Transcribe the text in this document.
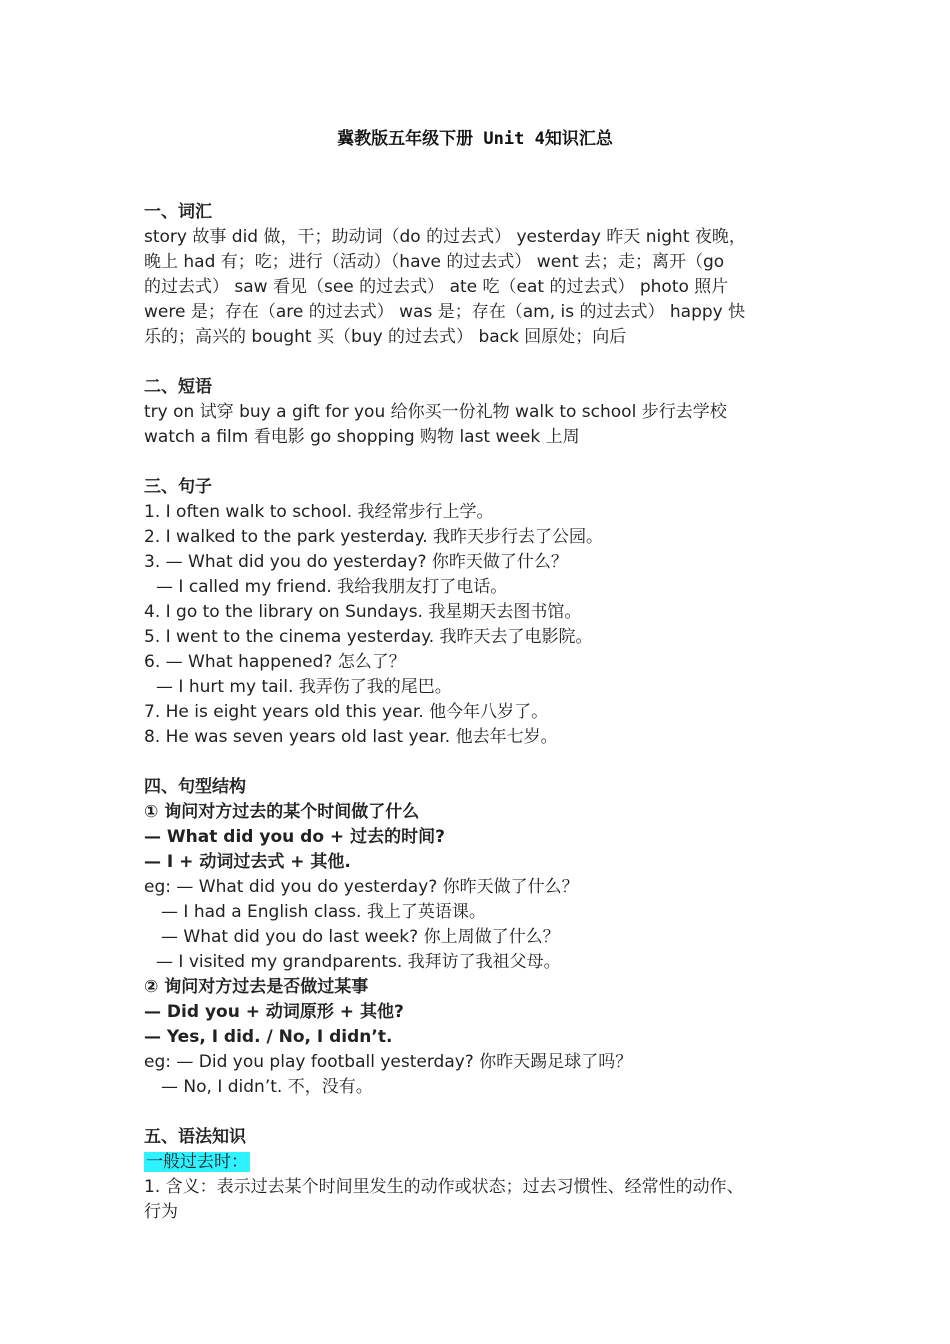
冀教版五年级下册 Unit 4知识汇总
一、词汇
story 故事 did 做，干；助动词（do 的过去式） yesterday 昨天 night 夜晚，
晚上 had 有；吃；进行（活动）（have 的过去式） went 去；走；离开（go
的过去式） saw 看见（see 的过去式） ate 吃（eat 的过去式） photo 照片
were 是；存在（are 的过去式） was 是；存在（am, is 的过去式） happy 快
乐的；高兴的 bought 买（buy 的过去式） back 回原处；向后
二、短语
try on 试穿 buy a gift for you 给你买一份礼物 walk to school 步行去学校
watch a film 看电影 go shopping 购物 last week 上周
三、句子
1. I often walk to school. 我经常步行上学。
2. I walked to the park yesterday. 我昨天步行去了公园。
3. — What did you do yesterday? 你昨天做了什么？
— I called my friend. 我给我朋友打了电话。
4. I go to the library on Sundays. 我星期天去图书馆。
5. I went to the cinema yesterday. 我昨天去了电影院。
6. — What happened? 怎么了？
— I hurt my tail. 我弄伤了我的尾巴。
7. He is eight years old this year. 他今年八岁了。
8. He was seven years old last year. 他去年七岁。
四、句型结构
① 询问对方过去的某个时间做了什么
— What did you do + 过去的时间?
— I + 动词过去式 + 其他.
eg: — What did you do yesterday? 你昨天做了什么？
— I had a English class. 我上了英语课。
— What did you do last week? 你上周做了什么？
— I visited my grandparents. 我拜访了我祖父母。
② 询问对方过去是否做过某事
— Did you + 动词原形 + 其他?
— Yes, I did. / No, I didn’t.
eg: — Did you play football yesterday? 你昨天踢足球了吗？
— No, I didn’t. 不，没有。
五、语法知识
一般过去时：
1. 含义：表示过去某个时间里发生的动作或状态；过去习惯性、经常性的动作、
行为
